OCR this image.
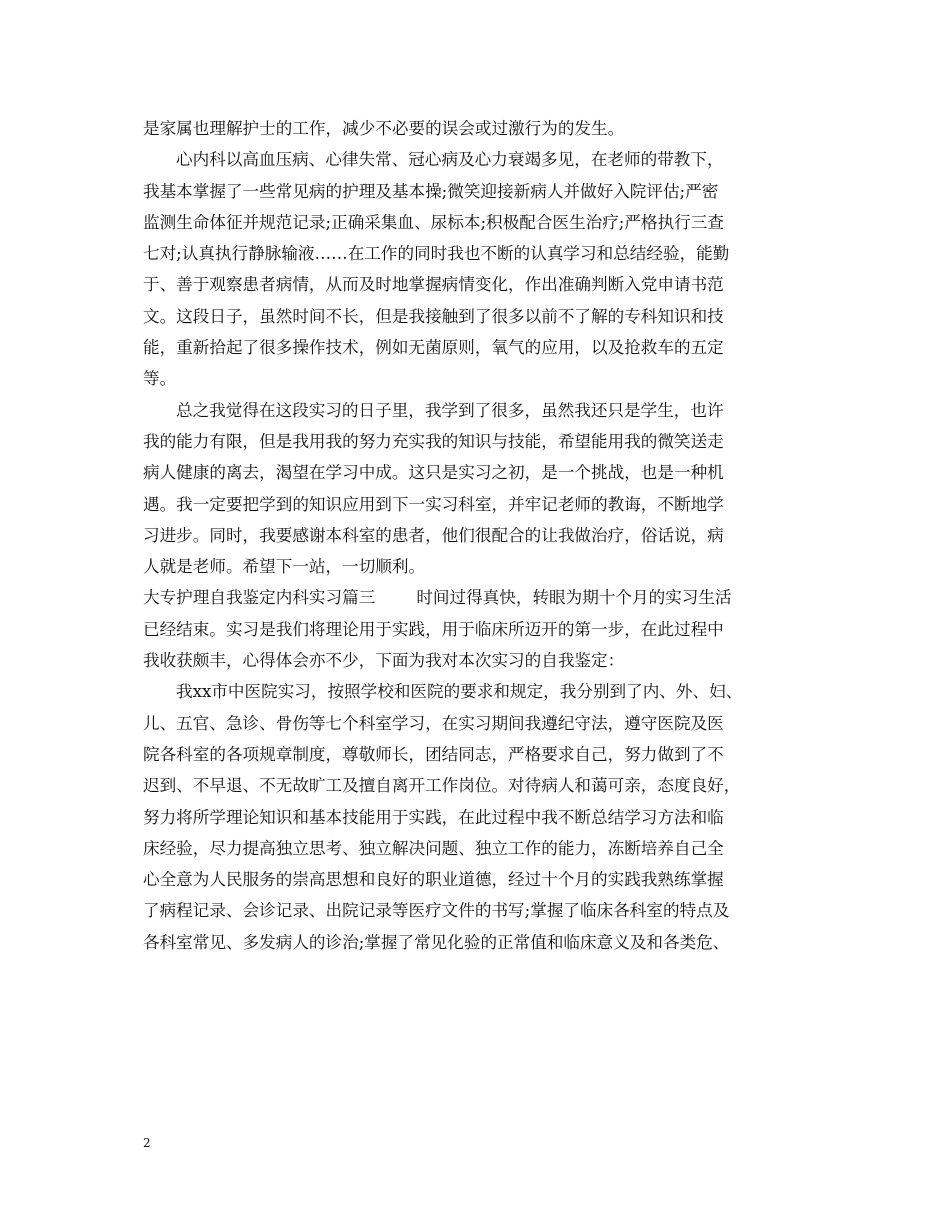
是家属也理解护士的工作，减少不必要的误会或过激行为的发生。
心内科以高血压病、心律失常、冠心病及心力衰竭多见，在老师的带教下，
我基本掌握了一些常见病的护理及基本操;微笑迎接新病人并做好入院评估;严密
监测生命体征并规范记录;正确采集血、尿标本;积极配合医生治疗;严格执行三查
七对;认真执行静脉输液……在工作的同时我也不断的认真学习和总结经验，能勤
于、善于观察患者病情，从而及时地掌握病情变化，作出准确判断入党申请书范
文。这段日子，虽然时间不长，但是我接触到了很多以前不了解的专科知识和技
能，重新拾起了很多操作技术，例如无菌原则，氧气的应用，以及抢救车的五定
等。
总之我觉得在这段实习的日子里，我学到了很多，虽然我还只是学生，也许
我的能力有限，但是我用我的努力充实我的知识与技能，希望能用我的微笑送走
病人健康的离去，渴望在学习中成。这只是实习之初，是一个挑战，也是一种机
遇。我一定要把学到的知识应用到下一实习科室，并牢记老师的教诲，不断地学
习进步。同时，我要感谢本科室的患者，他们很配合的让我做治疗，俗话说，病
人就是老师。希望下一站，一切顺利。
大专护理自我鉴定内科实习篇三 时间过得真快，转眼为期十个月的实习生活
已经结束。实习是我们将理论用于实践，用于临床所迈开的第一步，在此过程中
我收获颇丰，心得体会亦不少，下面为我对本次实习的自我鉴定：
我xx市中医院实习，按照学校和医院的要求和规定，我分别到了内、外、妇、
儿、五官、急诊、骨伤等七个科室学习，在实习期间我遵纪守法，遵守医院及医
院各科室的各项规章制度，尊敬师长，团结同志，严格要求自己，努力做到了不
迟到、不早退、不无故旷工及擅自离开工作岗位。对待病人和蔼可亲，态度良好，
努力将所学理论知识和基本技能用于实践，在此过程中我不断总结学习方法和临
床经验，尽力提高独立思考、独立解决问题、独立工作的能力，冻断培养自己全
心全意为人民服务的崇高思想和良好的职业道德，经过十个月的实践我熟练掌握
了病程记录、会诊记录、出院记录等医疗文件的书写;掌握了临床各科室的特点及
各科室常见、多发病人的诊治;掌握了常见化验的正常值和临床意义及和各类危、
2
